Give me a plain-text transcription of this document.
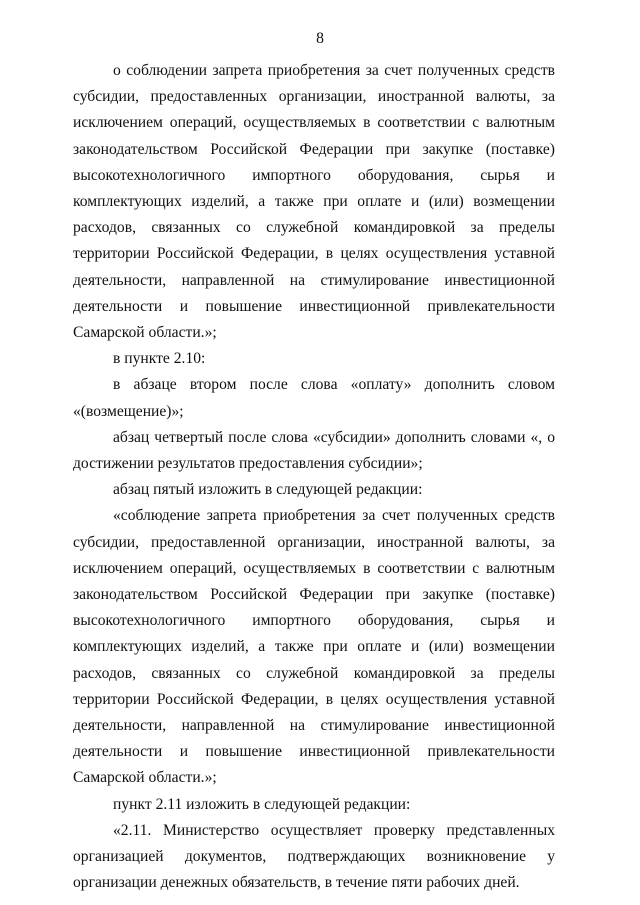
8

о соблюдении запрета приобретения за счет полученных средств субсидии, предоставленных организации, иностранной валюты, за исключением операций, осуществляемых в соответствии с валютным законодательством Российской Федерации при закупке (поставке) высокотехнологичного импортного оборудования, сырья и комплектующих изделий, а также при оплате и (или) возмещении расходов, связанных со служебной командировкой за пределы территории Российской Федерации, в целях осуществления уставной деятельности, направленной на стимулирование инвестиционной деятельности и повышение инвестиционной привлекательности Самарской области.»;

в пункте 2.10:

в абзаце втором после слова «оплату» дополнить словом «(возмещение)»;

абзац четвертый после слова «субсидии» дополнить словами «, о достижении результатов предоставления субсидии»;

абзац пятый изложить в следующей редакции:

«соблюдение запрета приобретения за счет полученных средств субсидии, предоставленной организации, иностранной валюты, за исключением операций, осуществляемых в соответствии с валютным законодательством Российской Федерации при закупке (поставке) высокотехнологичного импортного оборудования, сырья и комплектующих изделий, а также при оплате и (или) возмещении расходов, связанных со служебной командировкой за пределы территории Российской Федерации, в целях осуществления уставной деятельности, направленной на стимулирование инвестиционной деятельности и повышение инвестиционной привлекательности Самарской области.»;

пункт 2.11 изложить в следующей редакции:

«2.11. Министерство осуществляет проверку представленных организацией документов, подтверждающих возникновение у организации денежных обязательств, в течение пяти рабочих дней.
